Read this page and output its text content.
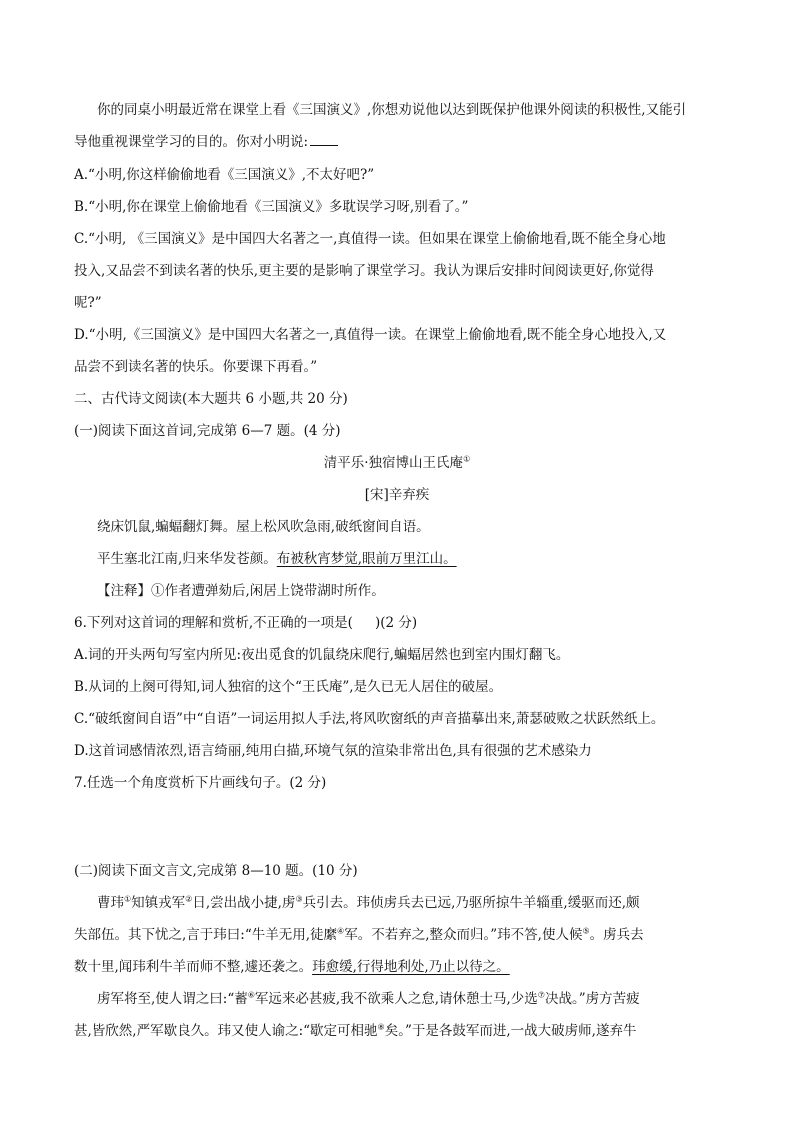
你的同桌小明最近常在课堂上看《三国演义》,你想劝说他以达到既保护他课外阅读的积极性,又能引
导他重视课堂学习的目的。你对小明说:
A.“小明,你这样偷偷地看《三国演义》,不太好吧?”
B.“小明,你在课堂上偷偷地看《三国演义》多耽误学习呀,别看了。”
C.“小明, 《三国演义》是中国四大名著之一,真值得一读。但如果在课堂上偷偷地看,既不能全身心地
投入,又品尝不到读名著的快乐,更主要的是影响了课堂学习。我认为课后安排时间阅读更好,你觉得
呢?”
D.“小明,《三国演义》是中国四大名著之一,真值得一读。在课堂上偷偷地看,既不能全身心地投入,又
品尝不到读名著的快乐。你要课下再看。”
二、古代诗文阅读(本大题共 6 小题,共 20 分)
(一)阅读下面这首词,完成第 6—7 题。(4 分)
清平乐·独宿博山王氏庵①
[宋]辛弃疾
绕床饥鼠,蝙蝠翻灯舞。屋上松风吹急雨,破纸窗间自语。
平生塞北江南,归来华发苍颜。布被秋宵梦觉,眼前万里江山。
【注释】①作者遭弹劾后,闲居上饶带湖时所作。
6.下列对这首词的理解和赏析,不正确的一项是( )(2 分)
A.词的开头两句写室内所见:夜出觅食的饥鼠绕床爬行,蝙蝠居然也到室内围灯翻飞。
B.从词的上阕可得知,词人独宿的这个“王氏庵”,是久已无人居住的破屋。
C.“破纸窗间自语”中“自语”一词运用拟人手法,将风吹窗纸的声音描摹出来,萧瑟破败之状跃然纸上。
D.这首词感情浓烈,语言绮丽,纯用白描,环境气氛的渲染非常出色,具有很强的艺术感染力
7.任选一个角度赏析下片画线句子。(2 分)
(二)阅读下面文言文,完成第 8—10 题。(10 分)
曹玮①知镇戎军②日,尝出战小捷,虏③兵引去。玮侦虏兵去已远,乃驱所掠牛羊辎重,缓驱而还,颇
失部伍。其下忧之,言于玮曰:“牛羊无用,徒縻④军。不若弃之,整众而归。”玮不答,使人候⑤。虏兵去
数十里,闻玮利牛羊而师不整,遽还袭之。玮愈缓,行得地利处,乃止以待之。
虏军将至,使人谓之曰:“蓄⑥军远来必甚疲,我不欲乘人之怠,请休憩士马,少选⑦决战。”虏方苦疲
甚,皆欣然,严军歇良久。玮又使人谕之:“歇定可相驰⑧矣。”于是各鼓军而进,一战大破虏师,遂弃牛
